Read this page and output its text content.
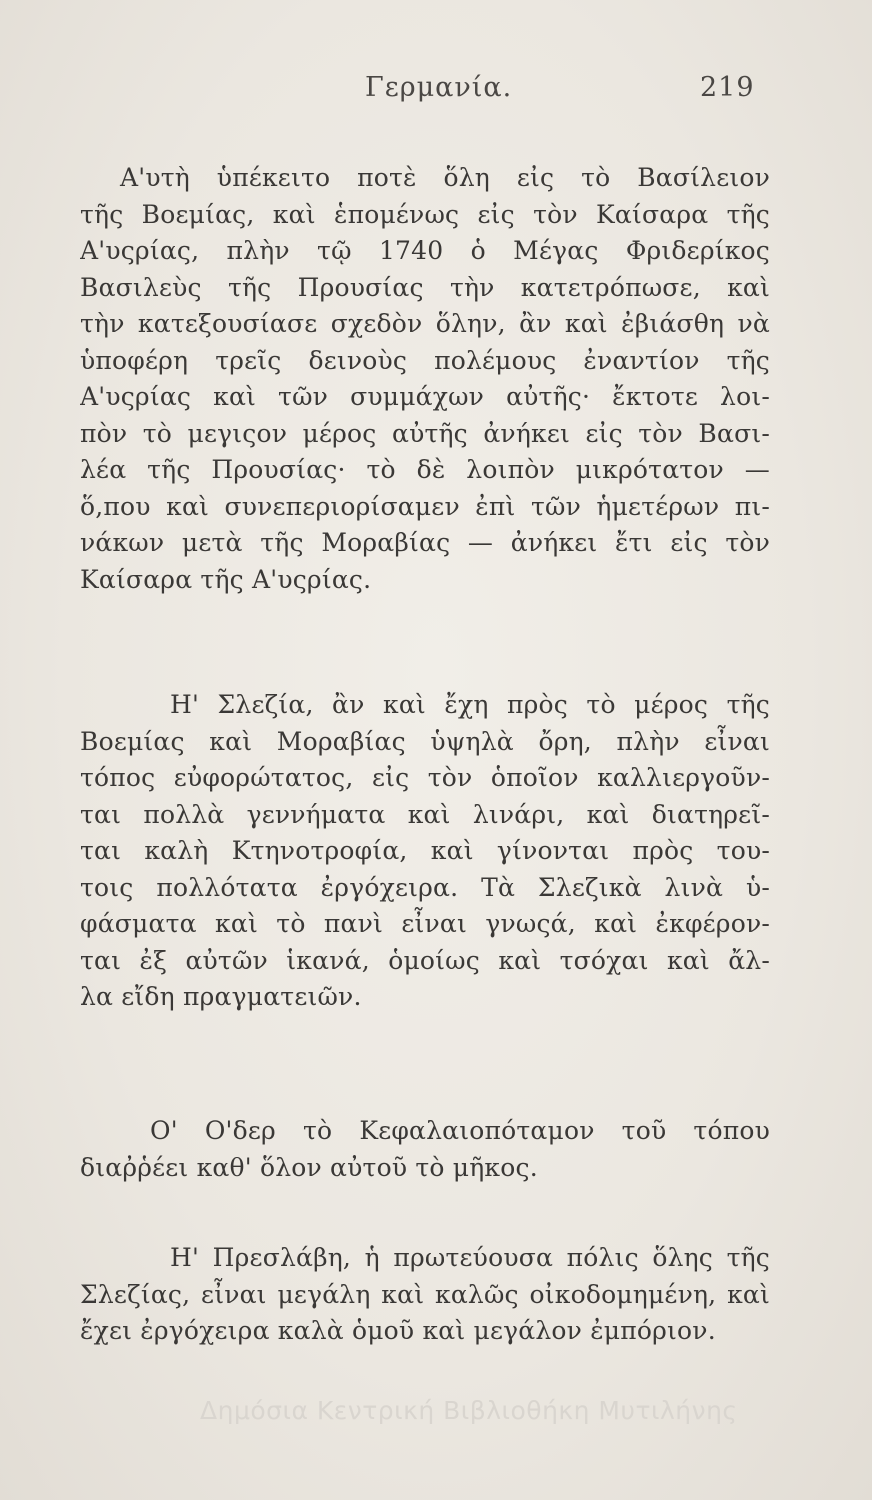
Γερμανία.	219
Α'υτὴ ὑπέκειτο ποτὲ ὅλη εἰς τὸ Βασίλειον
τῆς Βοεμίας, καὶ ἑπομένως εἰς τὸν Καίσαρα τῆς
Α'υςρίας, πλὴν τῷ 1740 ὁ Μέγας Φριδερίκος
Βασιλεὺς τῆς Προυσίας τὴν κατετρόπωσε, καὶ
τὴν κατεξουσίασε σχεδὸν ὅλην, ἂν καὶ ἐβιάσθη νὰ
ὑποφέρη τρεῖς δεινοὺς πολέμους ἐναντίον τῆς
Α'υςρίας καὶ τῶν συμμάχων αὐτῆς· ἔκτοτε λοι-
πὸν τὸ μεγιςον μέρος αὐτῆς ἀνήκει εἰς τὸν Βασι-
λέα τῆς Προυσίας· τὸ δὲ λοιπὸν μικρότατον —
ὅ,που καὶ συνεπεριορίσαμεν ἐπὶ τῶν ἡμετέρων πι-
νάκων μετὰ τῆς Μοραβίας — ἀνήκει ἔτι εἰς τὸν
Καίσαρα τῆς Α'υςρίας.
Η' Σλεζία, ἂν καὶ ἔχη πρὸς τὸ μέρος τῆς
Βοεμίας καὶ Μοραβίας ὑψηλὰ ὄρη, πλὴν εἶναι
τόπος εὐφορώτατος, εἰς τὸν ὁποῖον καλλιεργοῦν-
ται πολλὰ γεννήματα καὶ λινάρι, καὶ διατηρεῖ-
ται καλὴ Κτηνοτροφία, καὶ γίνονται πρὸς του-
τοις πολλότατα ἐργόχειρα. Τὰ Σλεζικὰ λινὰ ὑ-
φάσματα καὶ τὸ πανὶ εἶναι γνωςά, καὶ ἐκφέρον-
ται ἐξ αὐτῶν ἱκανά, ὁμοίως καὶ τσόχαι καὶ ἄλ-
λα εἴδη πραγματειῶν.
Ο' Ο'δερ τὸ Κεφαλαιοπόταμον τοῦ τόπου
διαῤῥέει καθ' ὅλον αὐτοῦ τὸ μῆκος.
Η' Πρεσλάβη, ἡ πρωτεύουσα πόλις ὅλης τῆς
Σλεζίας, εἶναι μεγάλη καὶ καλῶς οἰκοδομημένη, καὶ
ἔχει ἐργόχειρα καλὰ ὁμοῦ καὶ μεγάλον ἐμπόριον.
Δημόσια Κεντρική Βιβλιοθήκη Μυτιλήνης
